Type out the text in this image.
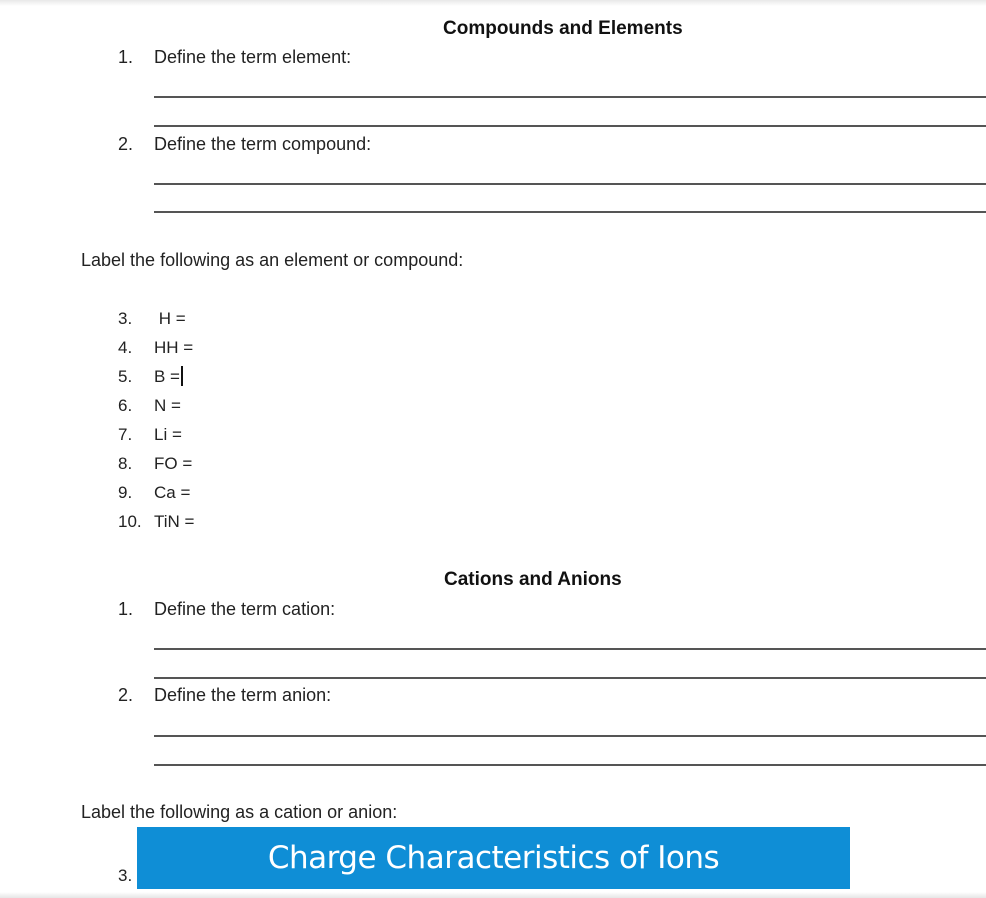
Compounds and Elements
1. Define the term element:
2. Define the term compound:
Label the following as an element or compound:
3. H =
4. HH =
5. B =
6. N =
7. Li =
8. FO =
9. Ca =
10. TiN =
Cations and Anions
1. Define the term cation:
2. Define the term anion:
Label the following as a cation or anion:
3.	Charge Characteristics of Ions
